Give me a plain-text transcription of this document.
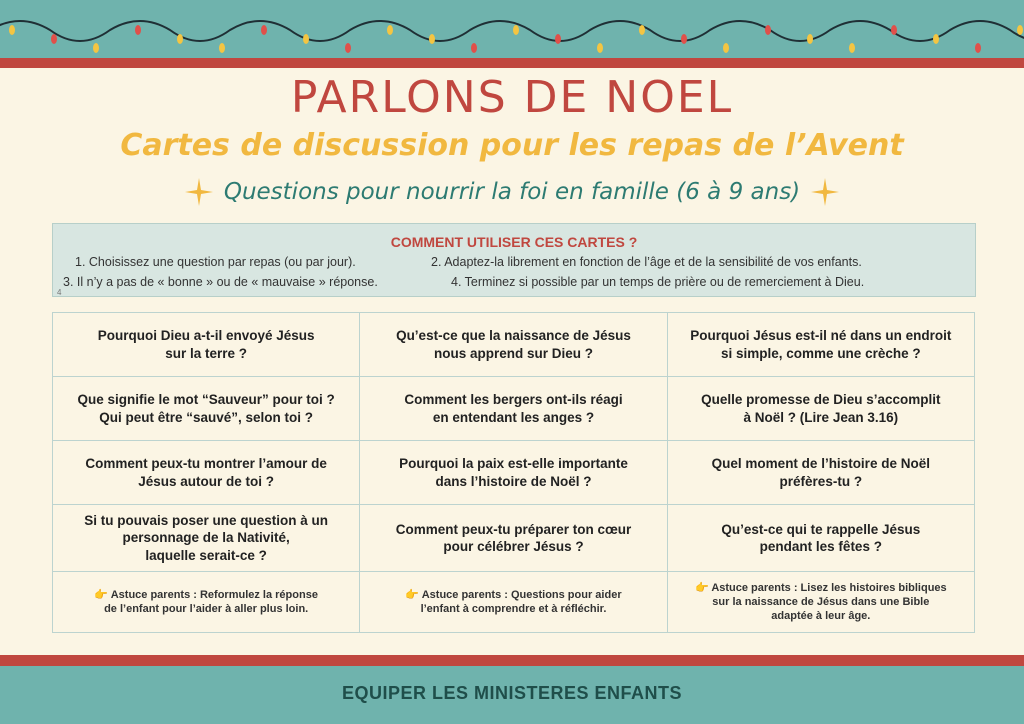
PARLONS DE NOEL
Cartes de discussion pour les repas de l’Avent
Questions pour nourrir la foi en famille (6 à 9 ans)
COMMENT UTILISER CES CARTES ?
1. Choisissez une question par repas (ou par jour).	2. Adaptez-la librement en fonction de l’âge et de la sensibilité de vos enfants.
3. Il n’y a pas de « bonne » ou de « mauvaise » réponse.	4. Terminez si possible par un temps de prière ou de remerciement à Dieu.
4
Pourquoi Dieu a-t-il envoyé Jésus
sur la terre ?
Qu’est-ce que la naissance de Jésus
nous apprend sur Dieu ?
Pourquoi Jésus est-il né dans un endroit
si simple, comme une crèche ?
Que signifie le mot “Sauveur” pour toi ?
Qui peut être “sauvé”, selon toi ?
Comment les bergers ont-ils réagi
en entendant les anges ?
Quelle promesse de Dieu s’accomplit
à Noël ? (Lire Jean 3.16)
Comment peux-tu montrer l’amour de
Jésus autour de toi ?
Pourquoi la paix est-elle importante
dans l’histoire de Noël ?
Quel moment de l’histoire de Noël
préfères-tu ?
Si tu pouvais poser une question à un
personnage de la Nativité,
laquelle serait-ce ?
Comment peux-tu préparer ton cœur
pour célébrer Jésus ?
Qu’est-ce qui te rappelle Jésus
pendant les fêtes ?
👉 Astuce parents : Reformulez la réponse
de l’enfant pour l’aider à aller plus loin.
👉 Astuce parents : Questions pour aider
l’enfant à comprendre et à réfléchir.
👉 Astuce parents : Lisez les histoires bibliques
sur la naissance de Jésus dans une Bible
adaptée à leur âge.
EQUIPER LES MINISTERES ENFANTS
